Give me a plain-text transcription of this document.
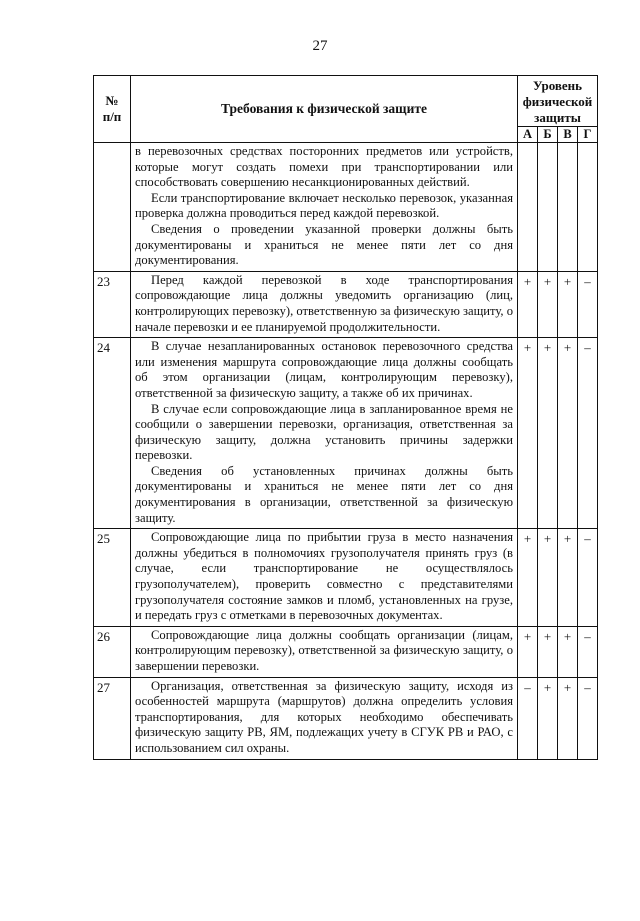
27
№
п/п	Требования к физической защите	Уровень
физической
защиты			
		А	Б	В	Г

	в перевозочных средствах посторонних предметов или устройств, которые могут создать помехи при транспортировании или способствовать совершению несанкционированных действий.

Если транспортирование включает несколько перевозок, указанная проверка должна проводиться перед каждой перевозкой.

Сведения о проведении указанной проверки должны быть документированы и храниться не менее пяти лет со дня документирования.				

23	Перед каждой перевозкой в ходе транспортирования сопровождающие лица должны уведомить организацию (лиц, контролирующих перевозку), ответственную за физическую защиту, о начале перевозки и ее планируемой продолжительности.	+	+	+	–
24	В случае незапланированных остановок перевозочного средства или изменения маршрута сопровождающие лица должны сообщать об этом организации (лицам, контролирующим перевозку), ответственной за физическую защиту, а также об их причинах.

В случае если сопровождающие лица в запланированное время не сообщили о завершении перевозки, организация, ответственная за физическую защиту, должна установить причины задержки перевозки.

Сведения об установленных причинах должны быть документированы и храниться не менее пяти лет со дня документирования в организации, ответственной за физическую защиту.	+	+	+	–
25	Сопровождающие лица по прибытии груза в место назначения должны убедиться в полномочиях грузополучателя принять груз (в случае, если транспортирование не осуществлялось грузополучателем), проверить совместно с представителями грузополучателя состояние замков и пломб, установленных на грузе, и передать груз с отметками в перевозочных документах.	+	+	+	–
26	Сопровождающие лица должны сообщать организации (лицам, контролирующим перевозку), ответственной за физическую защиту, о завершении перевозки.	+	+	+	–
27	Организация, ответственная за физическую защиту, исходя из особенностей маршрута (маршрутов) должна определить условия транспортирования, для которых необходимо обеспечивать физическую защиту РВ, ЯМ, подлежащих учету в СГУК РВ и РАО, с использованием сил охраны.	–	+	+	–
